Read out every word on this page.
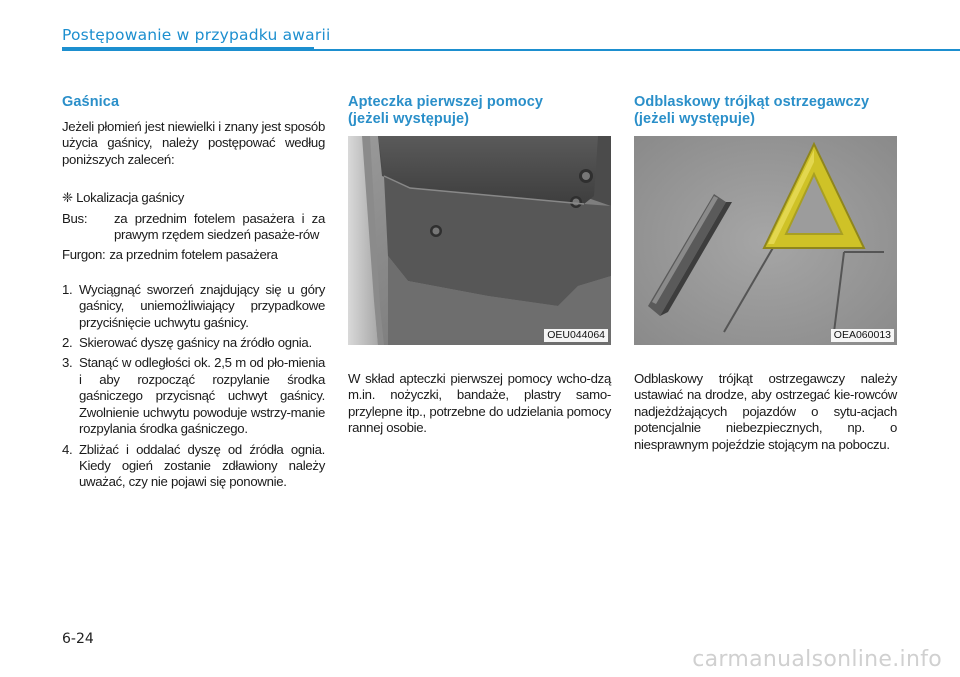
Postępowanie w przypadku awarii
Gaśnica

Jeżeli płomień jest niewielki i znany jest sposób użycia gaśnicy, należy postępować według poniższych zaleceń:

❈ Lokalizacja gaśnicy
Bus:	za przednim fotelem pasażera i za prawym rzędem siedzeń pasaże-rów
Furgon: za przednim fotelem pasażera
1. Wyciągnąć sworzeń znajdujący się u góry gaśnicy, uniemożliwiający przypadkowe przyciśnięcie uchwytu gaśnicy.
2. Skierować dyszę gaśnicy na źródło ognia.
3. Stanąć w odległości ok. 2,5 m od pło-mienia i aby rozpocząć rozpylanie środka gaśniczego przycisnąć uchwyt gaśnicy. Zwolnienie uchwytu powoduje wstrzy-manie rozpylania środka gaśniczego.
4. Zbliżać i oddalać dyszę od źródła ognia. Kiedy ogień zostanie zdławiony należy uważać, czy nie pojawi się ponownie.
Apteczka pierwszej pomocy
(jeżeli występuje)
OEU044064

W skład apteczki pierwszej pomocy wcho-dzą m.in. nożyczki, bandaże, plastry samo-przylepne itp., potrzebne do udzielania pomocy rannej osobie.

Odblaskowy trójkąt ostrzegawczy
(jeżeli występuje)
OEA060013

Odblaskowy trójkąt ostrzegawczy należy ustawiać na drodze, aby ostrzegać kie-rowców nadjeżdżających pojazdów o sytu-acjach potencjalnie niebezpiecznych, np. o niesprawnym pojeździe stojącym na poboczu.

6-24
carmanualsonline.info
